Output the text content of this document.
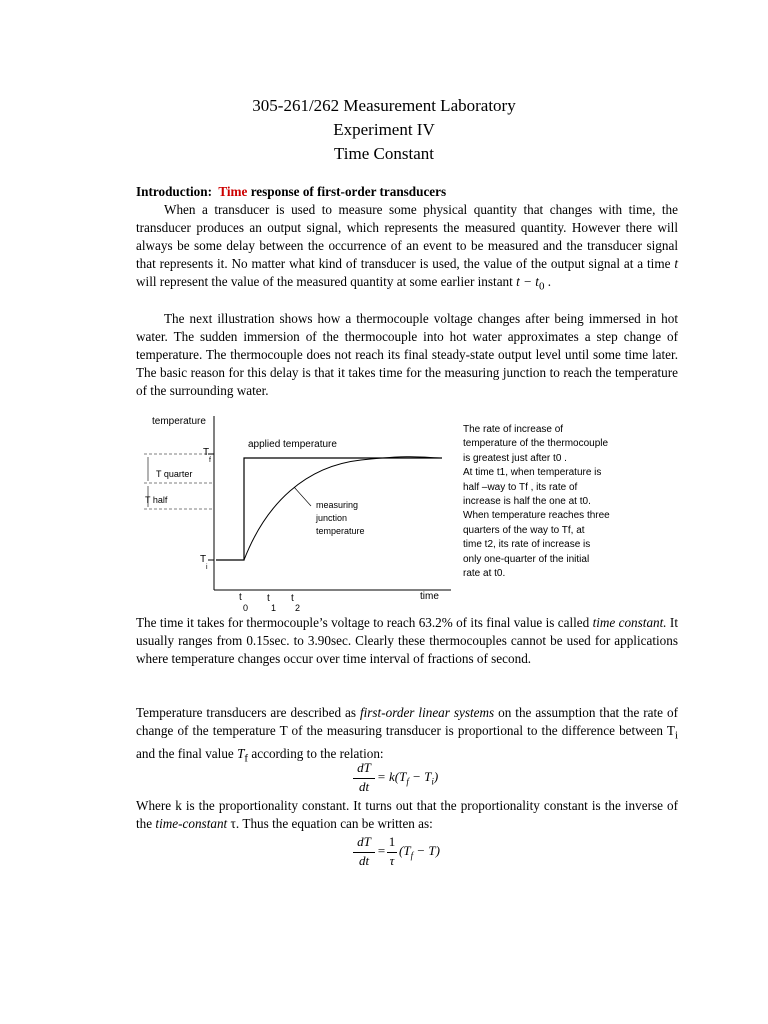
305-261/262 Measurement Laboratory
Experiment IV
Time Constant
Introduction: Time response of first-order transducers
When a transducer is used to measure some physical quantity that changes with time, the transducer produces an output signal, which represents the measured quantity. However there will always be some delay between the occurrence of an event to be measured and the transducer signal that represents it. No matter what kind of transducer is used, the value of the output signal at a time t will represent the value of the measured quantity at some earlier instant $t - t_0$ .
The next illustration shows how a thermocouple voltage changes after being immersed in hot water. The sudden immersion of the thermocouple into hot water approximates a step change of temperature. The thermocouple does not reach its final steady-state output level until some time later. The basic reason for this delay is that it takes time for the measuring junction to reach the temperature of the surrounding water.
temperature
applied temperature
measuring
junction
temperature
T
f
T
i
T quarter
T half
time
t
0
t
1
t
2
The rate of increase of
temperature of the thermocouple
is greatest just after t0 .
At time t1, when temperature is
half –way to Tf , its rate of
increase is half the one at t0.
When temperature reaches three
quarters of the way to Tf, at
time t2, its rate of increase is
only one-quarter of the initial
rate at t0.
The time it takes for thermocouple’s voltage to reach 63.2% of its final value is called time constant. It usually ranges from 0.15sec. to 3.90sec. Clearly these thermocouples cannot be used for applications where temperature changes occur over time interval of fractions of second.
Temperature transducers are described as first-order linear systems on the assumption that the rate of change of the temperature T of the measuring transducer is proportional to the difference between $T_i$ and the final value $T_f$ according to the relation:
dT
dt
= $k(T_f - T_i)$
Where k is the proportionality constant. It turns out that the proportionality constant is the inverse of the time-constant τ. Thus the equation can be written as:
dT
dt
=
1
τ
$(T_f - T)$
